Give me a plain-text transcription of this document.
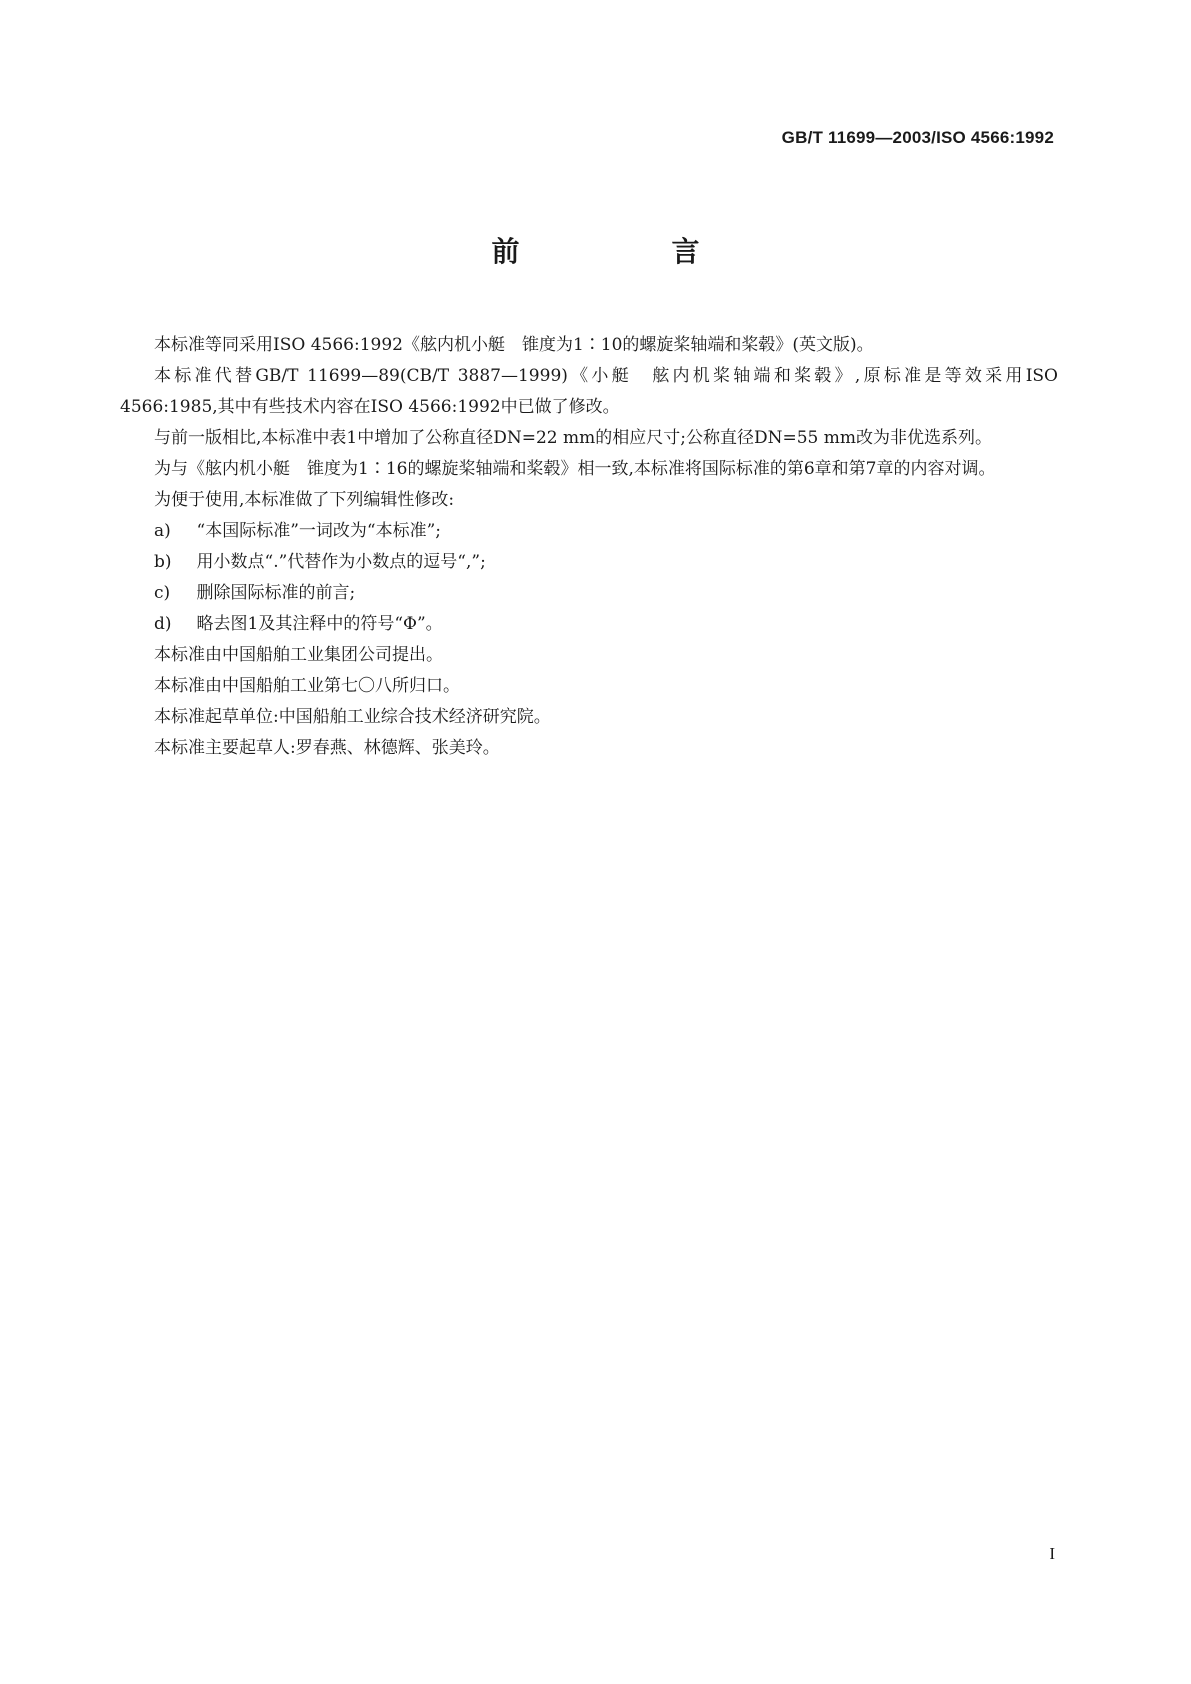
GB/T 11699—2003/ISO 4566:1992
前　言

本标准等同采用ISO 4566:1992《舷内机小艇　锥度为1∶10的螺旋桨轴端和桨毂》(英文版)。

本标准代替GB/T 11699—89(CB/T 3887—1999)《小艇　舷内机桨轴端和桨毂》,原标准是等效采用ISO 4566:1985,其中有些技术内容在ISO 4566:1992中已做了修改。

与前一版相比,本标准中表1中增加了公称直径DN=22 mm的相应尺寸;公称直径DN=55 mm改为非优选系列。

为与《舷内机小艇　锥度为1∶16的螺旋桨轴端和桨毂》相一致,本标准将国际标准的第6章和第7章的内容对调。

为便于使用,本标准做了下列编辑性修改:

a) “本国际标准”一词改为“本标准”;

b) 用小数点“.”代替作为小数点的逗号“,”;

c) 删除国际标准的前言;

d) 略去图1及其注释中的符号“Φ”。

本标准由中国船舶工业集团公司提出。

本标准由中国船舶工业第七〇八所归口。

本标准起草单位:中国船舶工业综合技术经济研究院。

本标准主要起草人:罗春燕、林德辉、张美玲。

I
